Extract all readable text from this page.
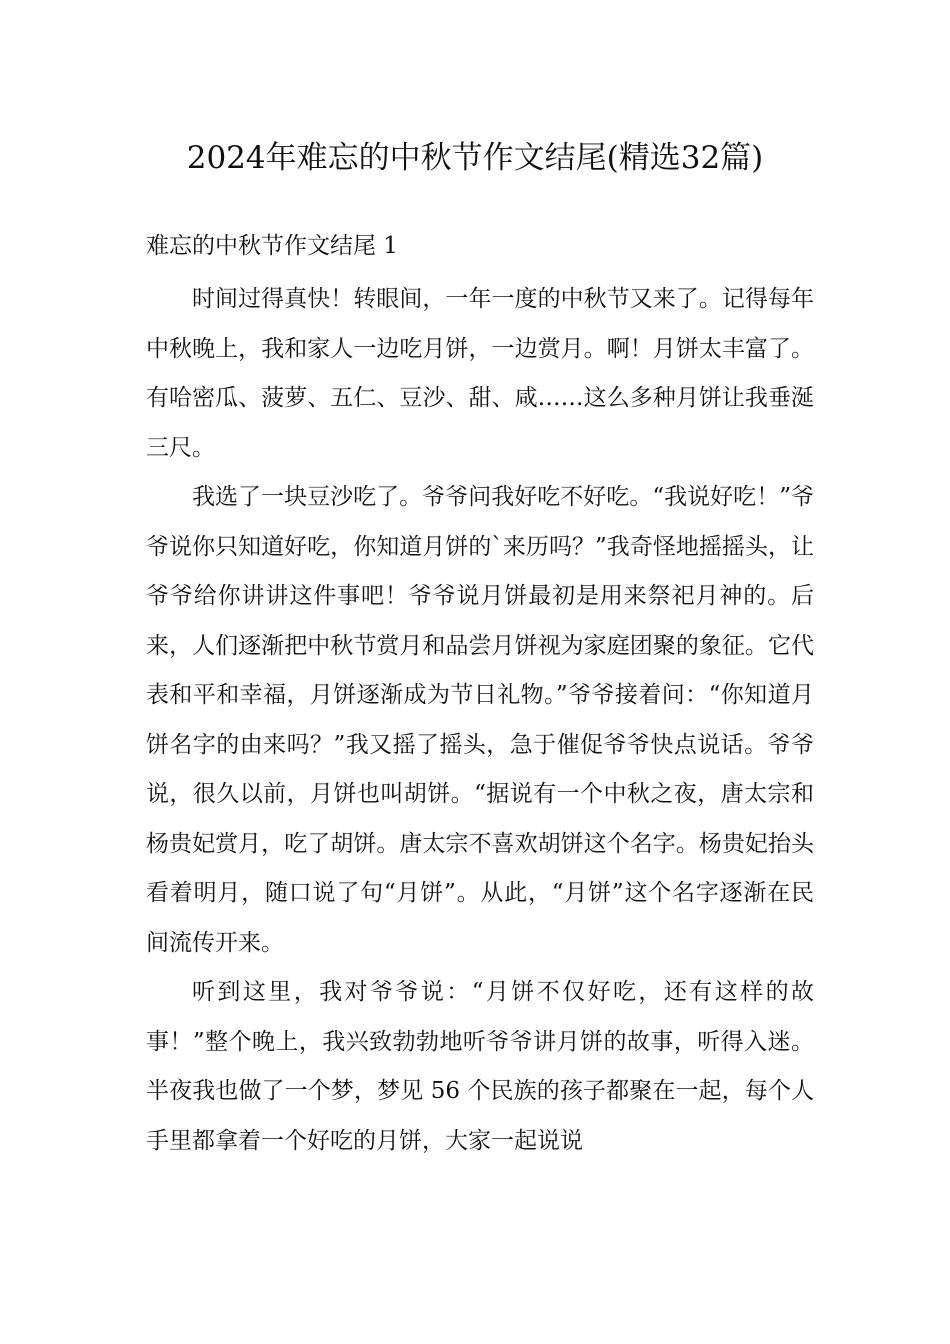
2024年难忘的中秋节作文结尾(精选32篇)
难忘的中秋节作文结尾 1

时间过得真快！转眼间，一年一度的中秋节又来了。记得每年中秋晚上，我和家人一边吃月饼，一边赏月。啊！月饼太丰富了。有哈密瓜、菠萝、五仁、豆沙、甜、咸……这么多种月饼让我垂涎三尺。

我选了一块豆沙吃了。爷爷问我好吃不好吃。“我说好吃！”爷爷说你只知道好吃，你知道月饼的`来历吗？”我奇怪地摇摇头，让爷爷给你讲讲这件事吧！爷爷说月饼最初是用来祭祀月神的。后来，人们逐渐把中秋节赏月和品尝月饼视为家庭团聚的象征。它代表和平和幸福，月饼逐渐成为节日礼物。”爷爷接着问：“你知道月饼名字的由来吗？”我又摇了摇头，急于催促爷爷快点说话。爷爷说，很久以前，月饼也叫胡饼。“据说有一个中秋之夜，唐太宗和杨贵妃赏月，吃了胡饼。唐太宗不喜欢胡饼这个名字。杨贵妃抬头看着明月，随口说了句“月饼”。从此，“月饼”这个名字逐渐在民间流传开来。

听到这里，我对爷爷说：“月饼不仅好吃，还有这样的故事！”整个晚上，我兴致勃勃地听爷爷讲月饼的故事，听得入迷。半夜我也做了一个梦，梦见 56 个民族的孩子都聚在一起，每个人手里都拿着一个好吃的月饼，大家一起说说
